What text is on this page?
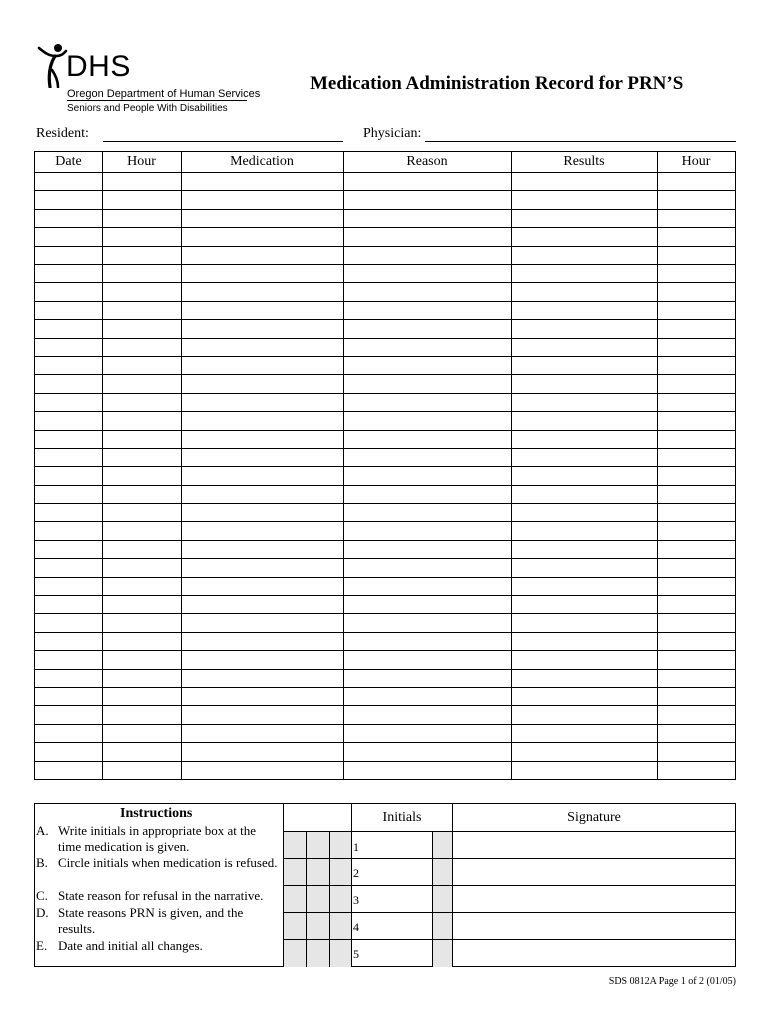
DHS
Oregon Department of Human Services
Seniors and People With Disabilities
Medication Administration Record for PRN’S
Resident:	Physician:
Date	Hour	Medication	Reason	Results	Hour
Instructions
A. Write initials in appropriate box at the time medication is given.
B. Circle initials when medication is refused.
C. State reason for refusal in the narrative.
D. State reasons PRN is given, and the results.
E. Date and initial all changes.
Initials	Signature
1
2
3
4
5
SDS 0812A Page 1 of 2 (01/05)
